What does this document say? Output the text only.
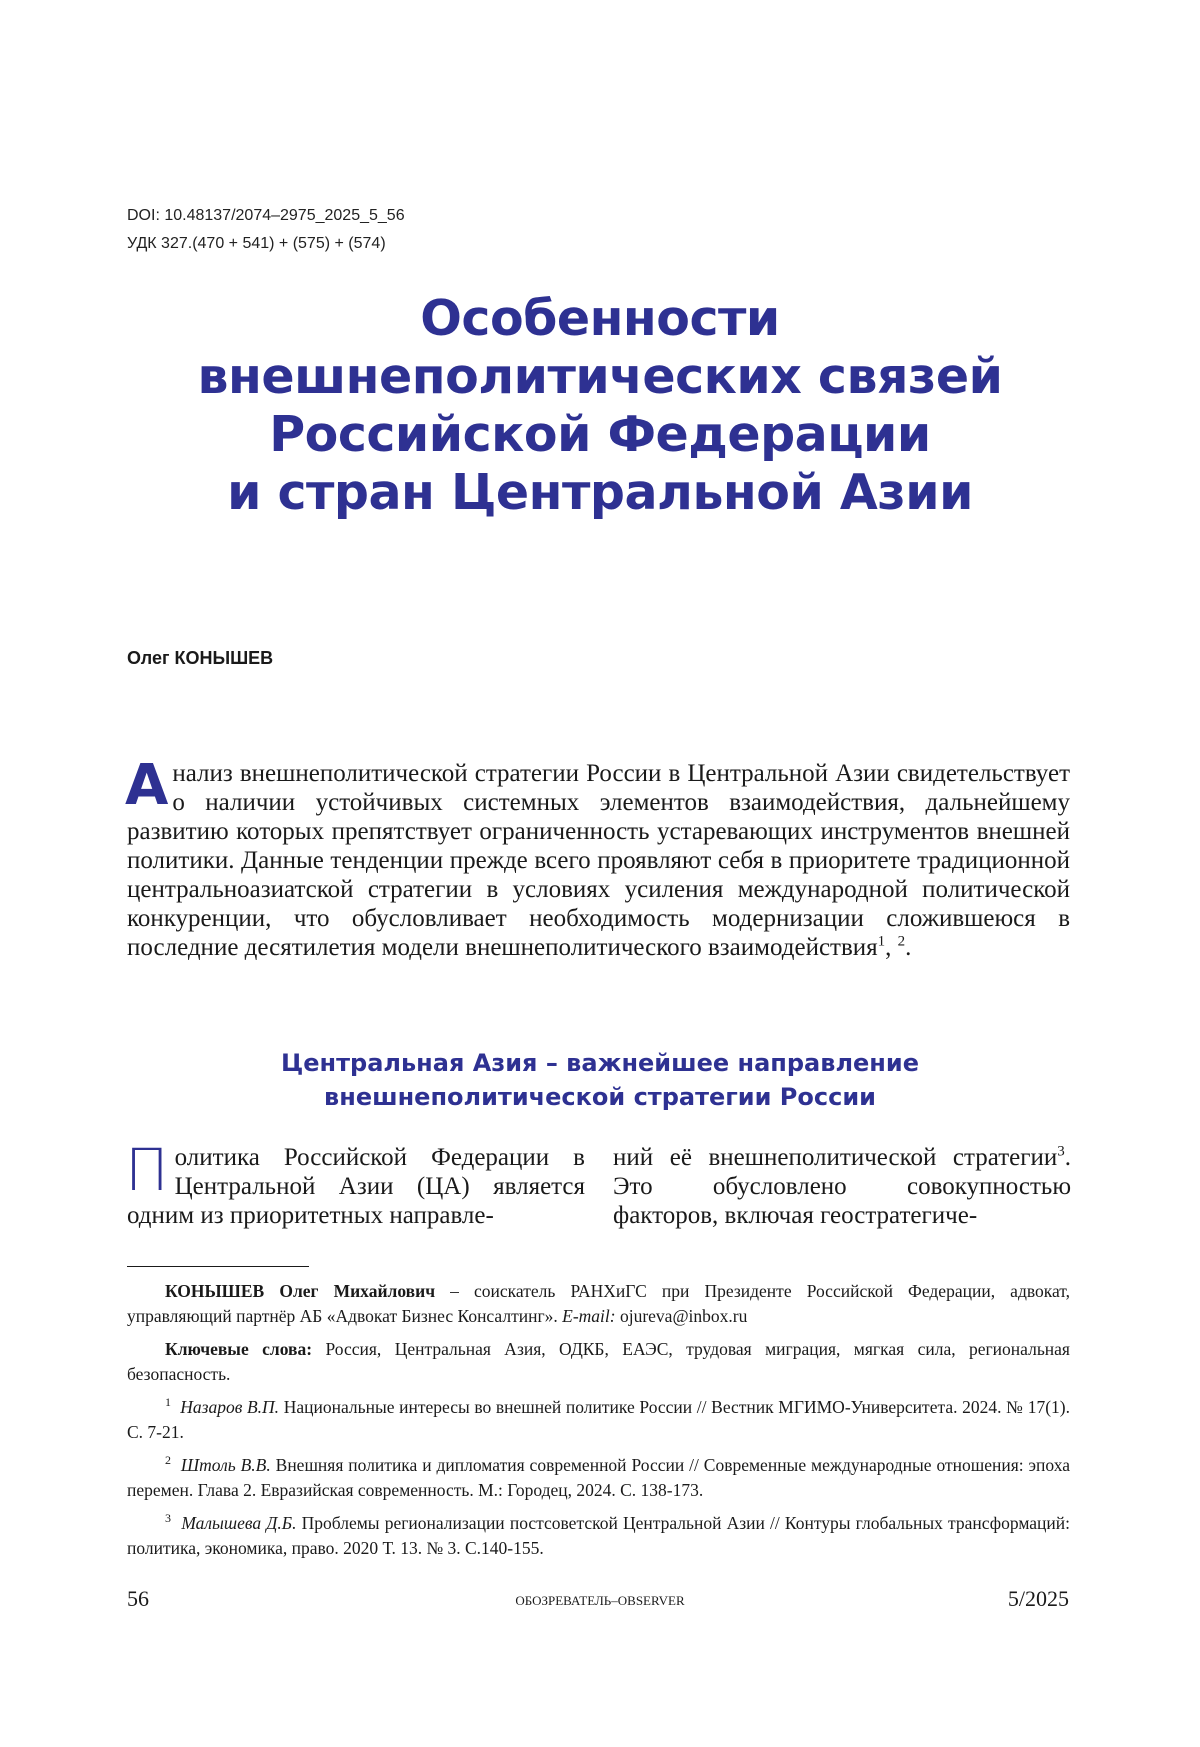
DOI: 10.48137/2074–2975_2025_5_56
УДК 327.(470 + 541) + (575) + (574)
Особенности
внешнеполитических связей
Российской Федерации
и стран Центральной Азии
Олег КОНЫШЕВ
А нализ внешнеполитической стратегии России в Центральной Азии свидетельствует о наличии устойчивых системных элементов взаимодействия, дальнейшему развитию которых препятствует ограниченность устаревающих инструментов внешней политики. Данные тенденции прежде всего проявляют себя в приоритете традиционной центральноазиатской стратегии в условиях усиления международной политической конкуренции, что обусловливает необходимость модернизации сложившеюся в последние десятилетия модели внешнеполитического взаимодействия1, 2.
Центральная Азия – важнейшее направление
внешнеполитической стратегии России
П олитика Российской Федерации в Центральной Азии (ЦА) является одним из приоритетных направле-
ний её внешнеполитической стратегии3. Это обусловлено совокупностью факторов, включая геостратегиче-

КОНЫШЕВ Олег Михайлович – соискатель РАНХиГС при Президенте Российской Федерации, адвокат, управляющий партнёр АБ «Адвокат Бизнес Консалтинг». E-mail: ojureva@inbox.ru

Ключевые слова: Россия, Центральная Азия, ОДКБ, ЕАЭС, трудовая миграция, мягкая сила, региональная безопасность.

1 Назаров В.П. Национальные интересы во внешней политике России // Вестник МГИМО-Университета. 2024. № 17(1). С. 7-21.

2 Штоль В.В. Внешняя политика и дипломатия современной России // Современные международные отношения: эпоха перемен. Глава 2. Евразийская современность. М.: Городец, 2024. С. 138-173.

3 Малышева Д.Б. Проблемы регионализации постсоветской Центральной Азии // Контуры глобальных трансформаций: политика, экономика, право. 2020 Т. 13. № 3. С.140-155.

56	ОБОЗРЕВАТЕЛЬ–OBSERVER	5/2025
